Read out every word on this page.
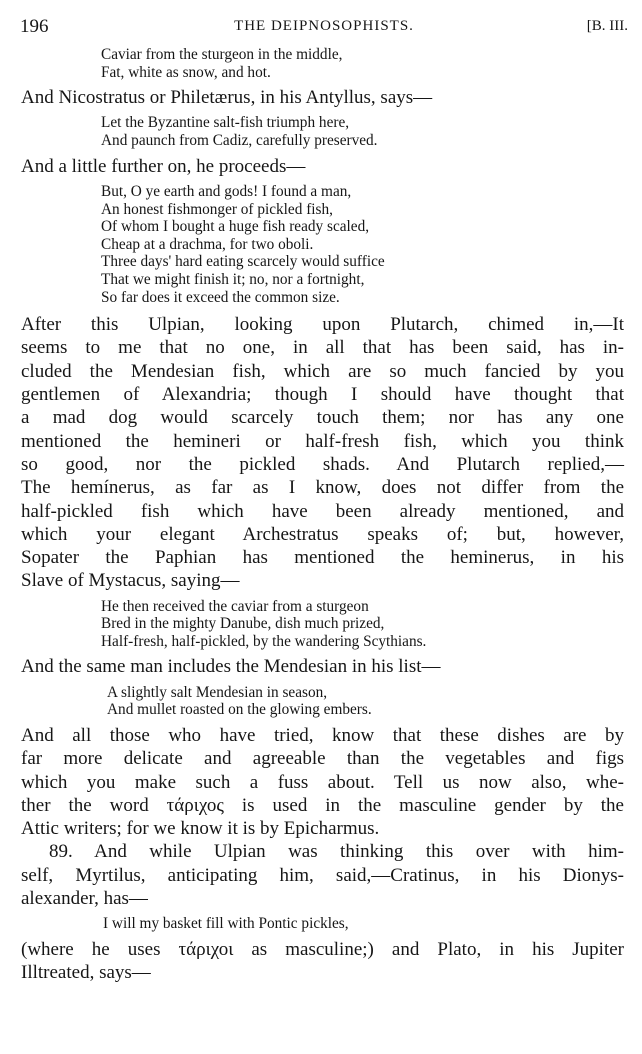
196	THE DEIPNOSOPHISTS.	[B. III.

Caviar from the sturgeon in the middle,

Fat, white as snow, and hot.

And Nicostratus or Philetærus, in his Antyllus, says—

Let the Byzantine salt-fish triumph here,

And paunch from Cadiz, carefully preserved.

And a little further on, he proceeds—

But, O ye earth and gods! I found a man,

An honest fishmonger of pickled fish,

Of whom I bought a huge fish ready scaled,

Cheap at a drachma, for two oboli.

Three days' hard eating scarcely would suffice

That we might finish it; no, nor a fortnight,

So far does it exceed the common size.

After this Ulpian, looking upon Plutarch, chimed in,—It

seems to me that no one, in all that has been said, has in-

cluded the Mendesian fish, which are so much fancied by you

gentlemen of Alexandria; though I should have thought that

a mad dog would scarcely touch them; nor has any one

mentioned the hemineri or half-fresh fish, which you think

so good, nor the pickled shads. And Plutarch replied,—

The hemínerus, as far as I know, does not differ from the

half-pickled fish which have been already mentioned, and

which your elegant Archestratus speaks of; but, however,

Sopater the Paphian has mentioned the heminerus, in his

Slave of Mystacus, saying—

He then received the caviar from a sturgeon

Bred in the mighty Danube, dish much prized,

Half-fresh, half-pickled, by the wandering Scythians.

And the same man includes the Mendesian in his list—

A slightly salt Mendesian in season,

And mullet roasted on the glowing embers.

And all those who have tried, know that these dishes are by

far more delicate and agreeable than the vegetables and figs

which you make such a fuss about. Tell us now also, whe-

ther the word τάριχος is used in the masculine gender by the

Attic writers; for we know it is by Epicharmus.

89. And while Ulpian was thinking this over with him-

self, Myrtilus, anticipating him, said,—Cratinus, in his Dionys-

alexander, has—

I will my basket fill with Pontic pickles,

(where he uses τάριχοι as masculine;) and Plato, in his Jupiter

Illtreated, says—
